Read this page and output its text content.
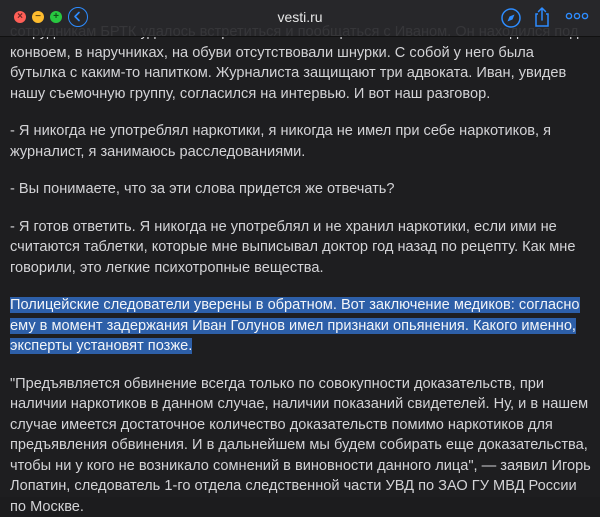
конвоем, в наручниках, на обуви отсутствовали шнурки. С собой у него была
бутылка с каким-то напитком. Журналиста защищают три адвоката. Иван, увидев
нашу съемочную группу, согласился на интервью. И вот наш разговор.

- Я никогда не употреблял наркотики, я никогда не имел при себе наркотиков, я журналист, я занимаюсь расследованиями.

- Вы понимаете, что за эти слова придется же отвечать?

- Я готов ответить. Я никогда не употреблял и не хранил наркотики, если ими не считаются таблетки, которые мне выписывал доктор год назад по рецепту. Как мне говорили, это легкие психотропные вещества.

Полицейские следователи уверены в обратном. Вот заключение медиков: согласно ему в момент задержания Иван Голунов имел признаки опьянения. Какого именно, эксперты установят позже.

"Предъявляется обвинение всегда только по совокупности доказательств, при наличии наркотиков в данном случае, наличии показаний свидетелей. Ну, и в нашем случае имеется достаточное количество доказательств помимо наркотиков для предъявления обвинения. И в дальнейшем мы будем собирать еще доказательства, чтобы ни у кого не возникало сомнений в виновности данного лица", — заявил Игорь Лопатин, следователь 1-го отдела следственной части УВД по ЗАО ГУ МВД России по Москве.

×	−	+	vesti.ru
